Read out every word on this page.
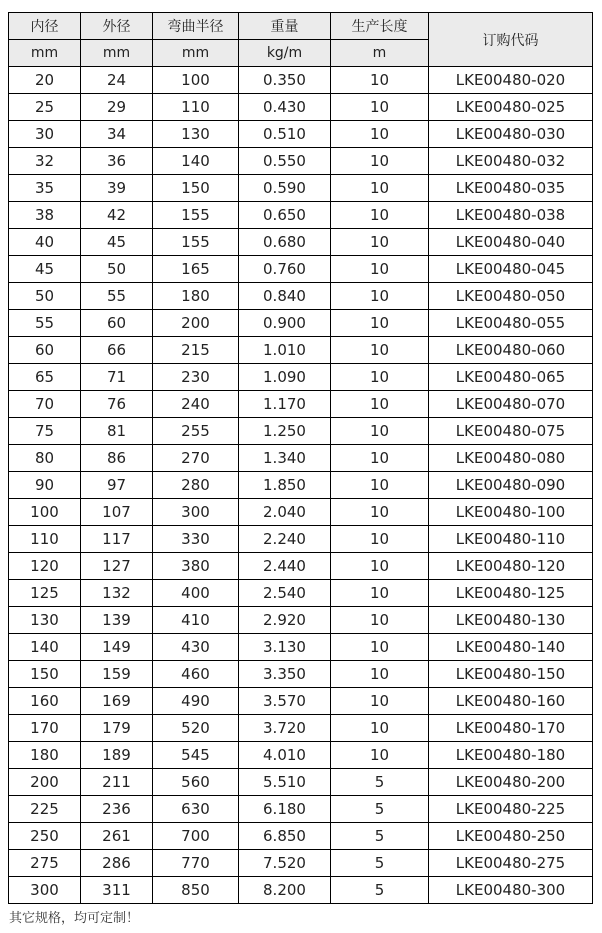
内径	外径	弯曲半径	重量	生产长度	订购代码
mm	mm	mm	kg/m	m	
20	24	100	0.350	10	LKE00480-020
25	29	110	0.430	10	LKE00480-025
30	34	130	0.510	10	LKE00480-030
32	36	140	0.550	10	LKE00480-032
35	39	150	0.590	10	LKE00480-035
38	42	155	0.650	10	LKE00480-038
40	45	155	0.680	10	LKE00480-040
45	50	165	0.760	10	LKE00480-045
50	55	180	0.840	10	LKE00480-050
55	60	200	0.900	10	LKE00480-055
60	66	215	1.010	10	LKE00480-060
65	71	230	1.090	10	LKE00480-065
70	76	240	1.170	10	LKE00480-070
75	81	255	1.250	10	LKE00480-075
80	86	270	1.340	10	LKE00480-080
90	97	280	1.850	10	LKE00480-090
100	107	300	2.040	10	LKE00480-100
110	117	330	2.240	10	LKE00480-110
120	127	380	2.440	10	LKE00480-120
125	132	400	2.540	10	LKE00480-125
130	139	410	2.920	10	LKE00480-130
140	149	430	3.130	10	LKE00480-140
150	159	460	3.350	10	LKE00480-150
160	169	490	3.570	10	LKE00480-160
170	179	520	3.720	10	LKE00480-170
180	189	545	4.010	10	LKE00480-180
200	211	560	5.510	5	LKE00480-200
225	236	630	6.180	5	LKE00480-225
250	261	700	6.850	5	LKE00480-250
275	286	770	7.520	5	LKE00480-275
300	311	850	8.200	5	LKE00480-300
其它规格，均可定制！
